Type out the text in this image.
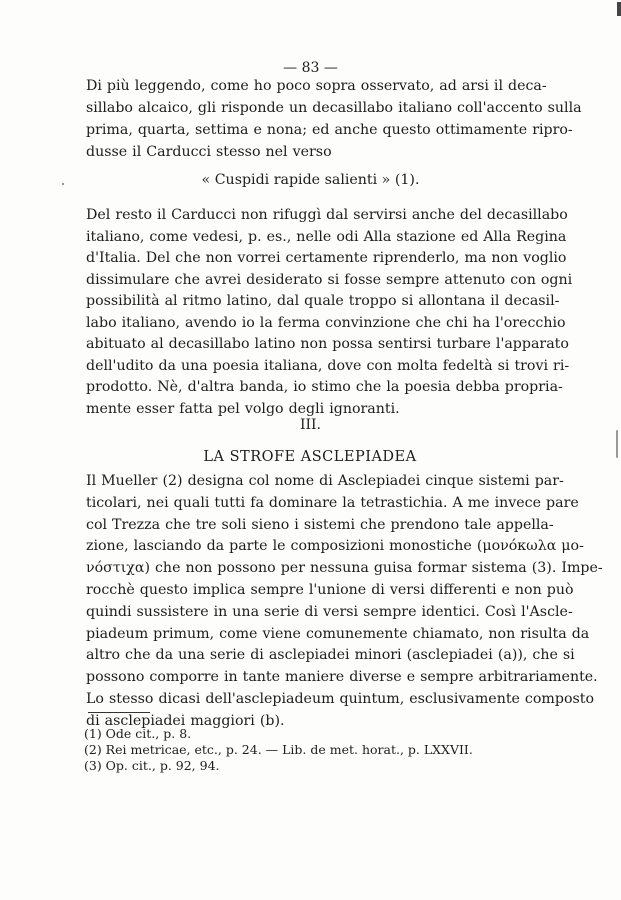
— 83 —
Di più leggendo, come ho poco sopra osservato, ad arsi il deca-
sillabo alcaico, gli risponde un decasillabo italiano coll'accento sulla
prima, quarta, settima e nona; ed anche questo ottimamente ripro-
dusse il Carducci stesso nel verso
« Cuspidi rapide salienti » (1).
Del resto il Carducci non rifuggì dal servirsi anche del decasillabo
italiano, come vedesi, p. es., nelle odi Alla stazione ed Alla Regina
d'Italia. Del che non vorrei certamente riprenderlo, ma non voglio
dissimulare che avrei desiderato si fosse sempre attenuto con ogni
possibilità al ritmo latino, dal quale troppo si allontana il decasil-
labo italiano, avendo io la ferma convinzione che chi ha l'orecchio
abituato al decasillabo latino non possa sentirsi turbare l'apparato
dell'udito da una poesia italiana, dove con molta fedeltà si trovi ri-
prodotto. Nè, d'altra banda, io stimo che la poesia debba propria-
III.
LA STROFE ASCLEPIADEA
Il Mueller (2) designa col nome di Asclepiadei cinque sistemi par-
ticolari, nei quali tutti fa dominare la tetrastichia. A me invece pare
col Trezza che tre soli sieno i sistemi che prendono tale appella-
zione, lasciando da parte le composizioni monostiche (μονόκωλα μο-
νόστιχα) che non possono per nessuna guisa formar sistema (3). Impe-
rocchè questo implica sempre l'unione di versi differenti e non può
quindi sussistere in una serie di versi sempre identici. Così l'Ascle-
piadeum primum, come viene comunemente chiamato, non risulta da
altro che da una serie di asclepiadei minori (asclepiadei (a)), che si
possono comporre in tante maniere diverse e sempre arbitrariamente.
Lo stesso dicasi dell'asclepiadeum quintum, esclusivamente composto
di asclepiadei maggiori (b).
(1) Ode cit., p. 8.
(2) Rei metricae, etc., p. 24. — Lib. de met. horat., p. LXXVII.
(3) Op. cit., p. 92, 94.
mente esser fatta pel volgo degli ignoranti.
